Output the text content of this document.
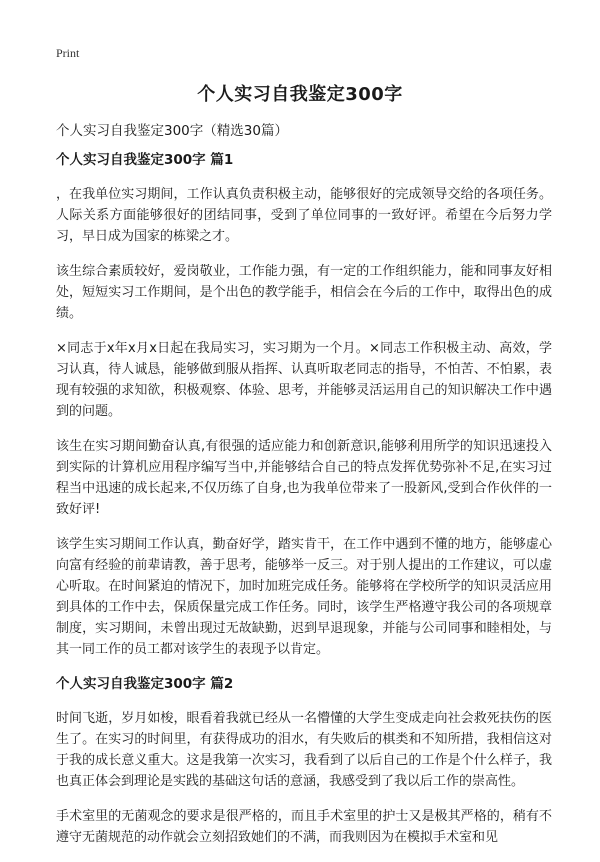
Print
个人实习自我鉴定300字

个人实习自我鉴定300字（精选30篇）

个人实习自我鉴定300字 篇1

，在我单位实习期间，工作认真负责积极主动，能够很好的完成领导交给的各项任务。人际关系方面能够很好的团结同事，受到了单位同事的一致好评。希望在今后努力学习，早日成为国家的栋梁之才。

该生综合素质较好，爱岗敬业，工作能力强，有一定的工作组织能力，能和同事友好相处，短短实习工作期间，是个出色的教学能手，相信会在今后的工作中，取得出色的成绩。

×同志于x年x月x日起在我局实习，实习期为一个月。×同志工作积极主动、高效，学习认真，待人诚恳，能够做到服从指挥、认真听取老同志的指导，不怕苦、不怕累，表现有较强的求知欲，积极观察、体验、思考，并能够灵活运用自己的知识解决工作中遇到的问题。

该生在实习期间勤奋认真,有很强的适应能力和创新意识,能够利用所学的知识迅速投入到实际的计算机应用程序编写当中,并能够结合自己的特点发挥优势弥补不足,在实习过程当中迅速的成长起来,不仅历练了自身,也为我单位带来了一股新风,受到合作伙伴的一致好评!

该学生实习期间工作认真，勤奋好学，踏实肯干，在工作中遇到不懂的地方，能够虚心向富有经验的前辈请教，善于思考，能够举一反三。对于别人提出的工作建议，可以虚心听取。在时间紧迫的情况下，加时加班完成任务。能够将在学校所学的知识灵活应用到具体的工作中去，保质保量完成工作任务。同时，该学生严格遵守我公司的各项规章制度，实习期间，未曾出现过无故缺勤，迟到早退现象，并能与公司同事和睦相处，与其一同工作的员工都对该学生的表现予以肯定。

个人实习自我鉴定300字 篇2

时间飞逝，岁月如梭，眼看着我就已经从一名懵懂的大学生变成走向社会救死扶伤的医生了。在实习的时间里，有获得成功的泪水，有失败后的棋类和不知所措，我相信这对于我的成长意义重大。这是我第一次实习，我看到了以后自己的工作是个什么样子，我也真正体会到理论是实践的基础这句话的意涵，我感受到了我以后工作的崇高性。

手术室里的无菌观念的要求是很严格的，而且手术室里的护士又是极其严格的，稍有不遵守无菌规范的动作就会立刻招致她们的不满，而我则因为在模拟手术室和见
